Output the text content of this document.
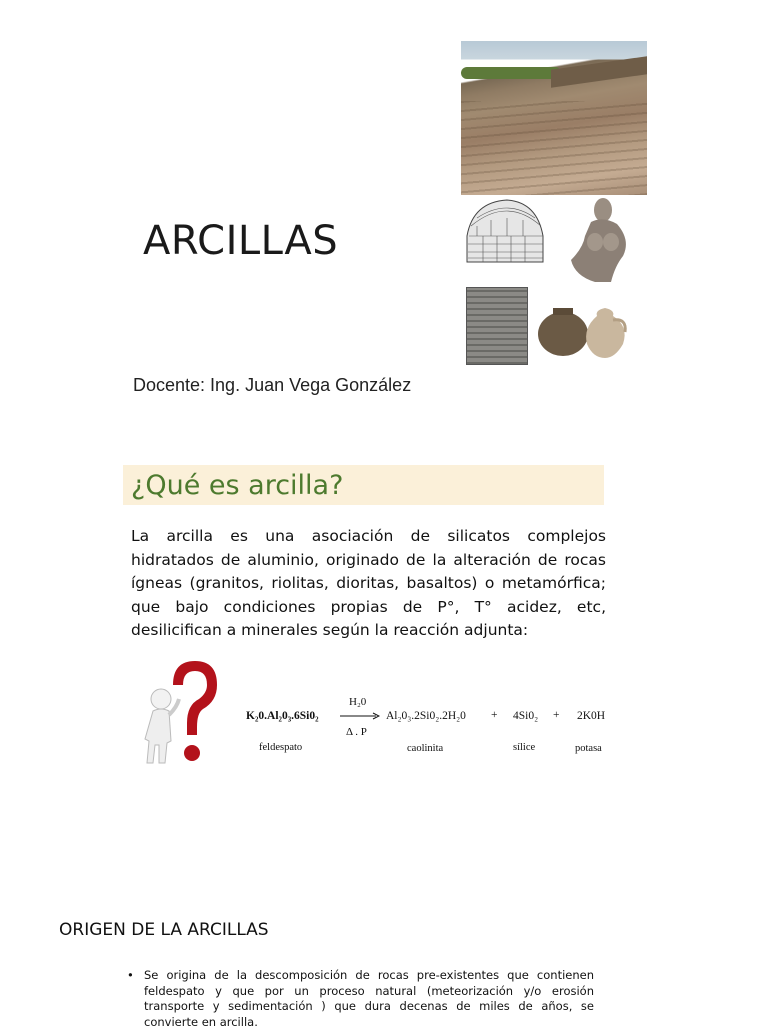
ARCILLAS
Docente: Ing. Juan Vega González
¿Qué es arcilla?
La arcilla es una asociación de silicatos complejos hidratados de aluminio, originado de la alteración de rocas ígneas (granitos, riolitas, dioritas, basaltos) o metamórfica; que bajo condiciones propias de P°, T° acidez, etc, desilicifican a minerales según la reacción adjunta:
K₂0.Al₂0₃.6Si0₂
H₂0
Δ . P
Al₂0₃.2Si0₂.2H₂0 + 4Si0₂ + 2K0H
feldespato	caolinita	sílice	potasa
ORIGEN DE LA ARCILLAS
• Se origina de la descomposición de rocas pre-existentes que contienen feldespato y que por un proceso natural (meteorización y/o erosión transporte y sedimentación ) que dura decenas de miles de años, se convierte en arcilla.
